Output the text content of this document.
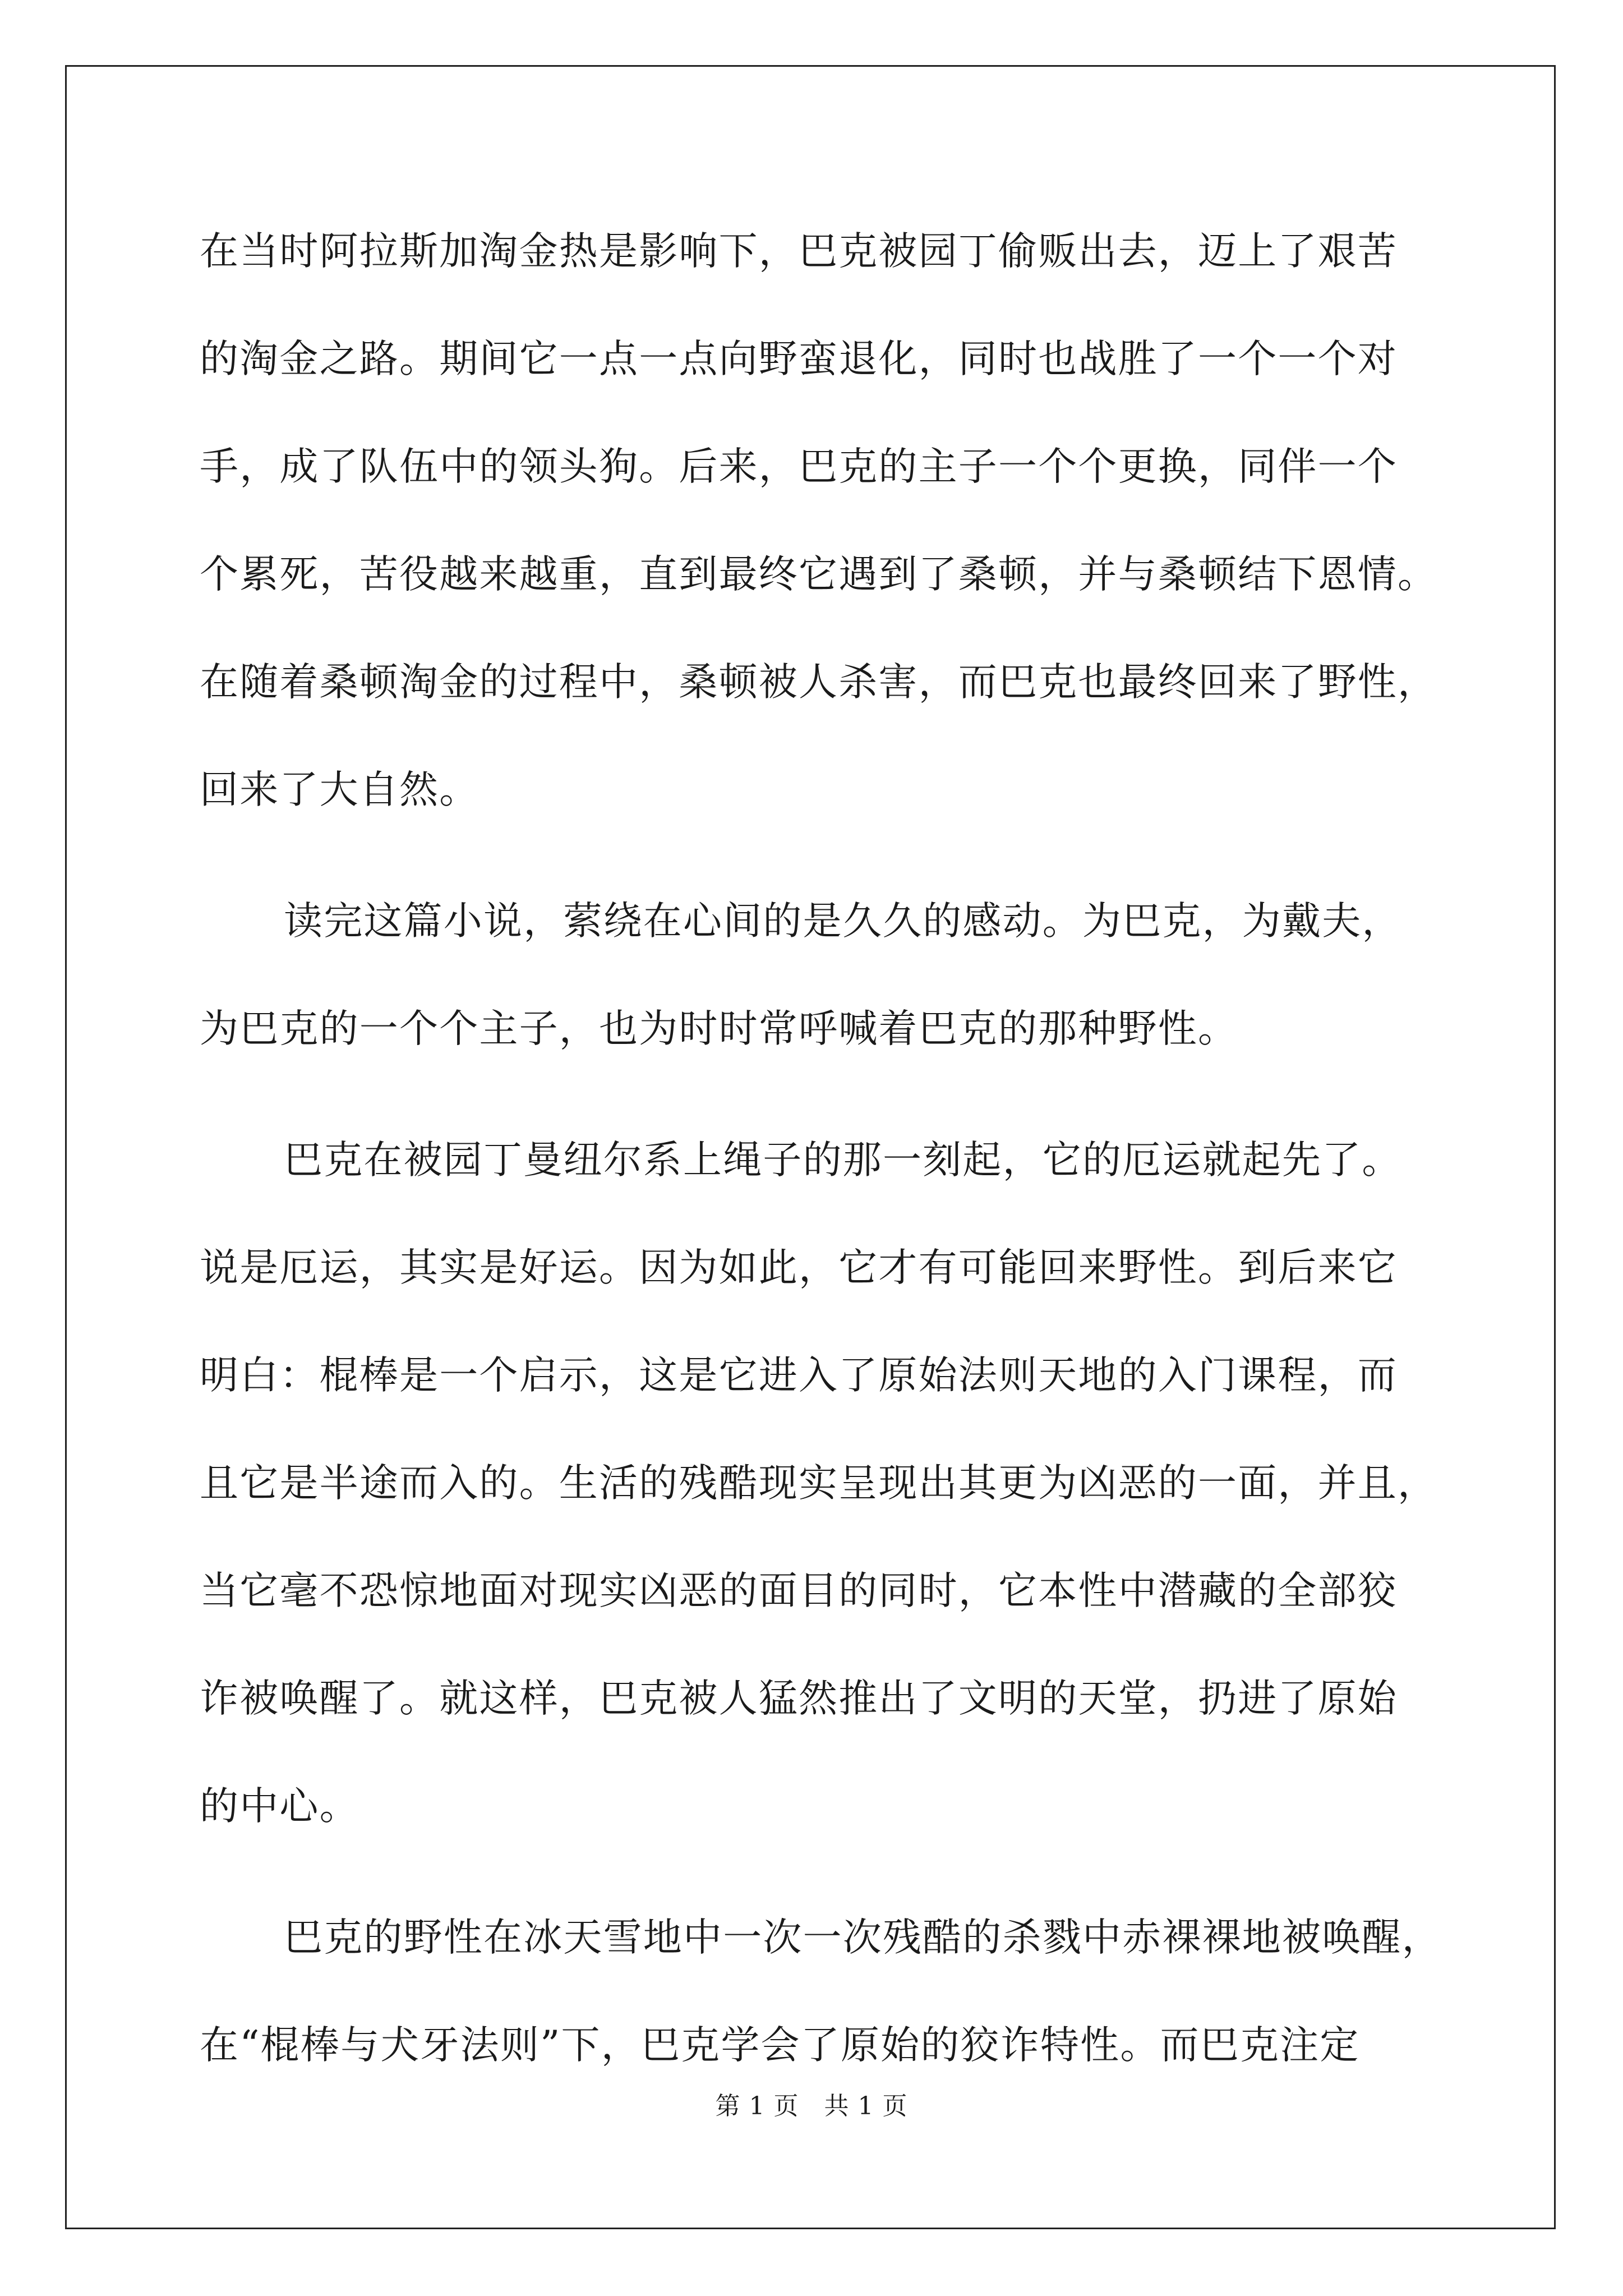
在当时阿拉斯加淘金热是影响下，巴克被园丁偷贩出去，迈上了艰苦
的淘金之路。期间它一点一点向野蛮退化，同时也战胜了一个一个对
手，成了队伍中的领头狗。后来，巴克的主子一个个更换，同伴一个
个累死，苦役越来越重，直到最终它遇到了桑顿，并与桑顿结下恩情。
在随着桑顿淘金的过程中，桑顿被人杀害，而巴克也最终回来了野性，
回来了大自然。
读完这篇小说，萦绕在心间的是久久的感动。为巴克，为戴夫，
为巴克的一个个主子，也为时时常呼喊着巴克的那种野性。
巴克在被园丁曼纽尔系上绳子的那一刻起，它的厄运就起先了。
说是厄运，其实是好运。因为如此，它才有可能回来野性。到后来它
明白：棍棒是一个启示，这是它进入了原始法则天地的入门课程，而
且它是半途而入的。生活的残酷现实呈现出其更为凶恶的一面，并且，
当它毫不恐惊地面对现实凶恶的面目的同时，它本性中潜藏的全部狡
诈被唤醒了。就这样，巴克被人猛然推出了文明的天堂，扔进了原始
的中心。
巴克的野性在冰天雪地中一次一次残酷的杀戮中赤裸裸地被唤醒，
在“棍棒与犬牙法则”下，巴克学会了原始的狡诈特性。而巴克注定
第 1 页　共 1 页
